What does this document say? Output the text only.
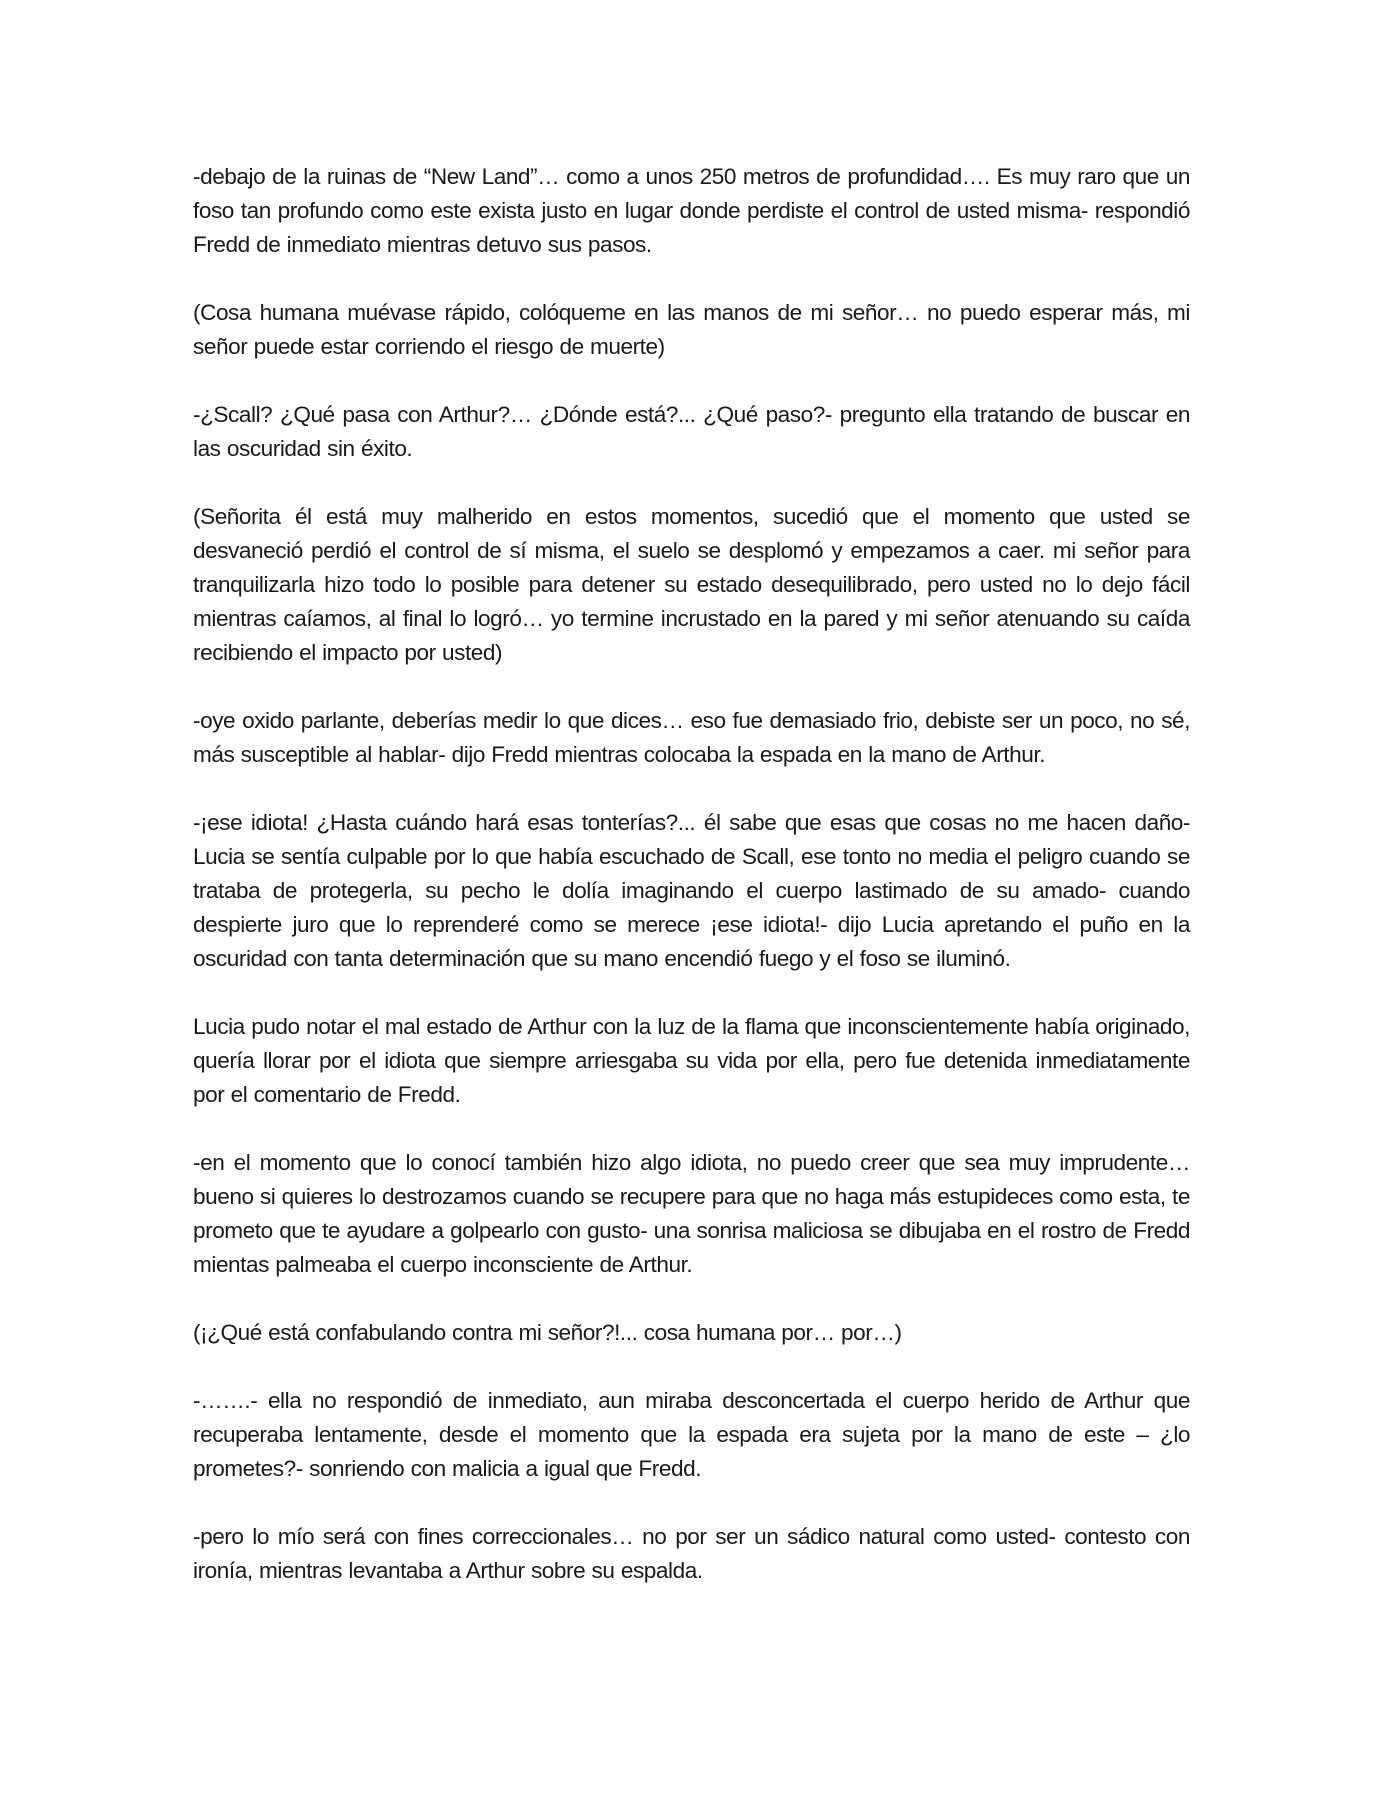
-debajo de la ruinas de “New Land”… como a unos 250 metros de profundidad…. Es muy raro que un foso tan profundo como este exista justo en lugar donde perdiste el control de usted misma- respondió Fredd de inmediato mientras detuvo sus pasos.

(Cosa humana muévase rápido, colóqueme en las manos de mi señor… no puedo esperar más, mi señor puede estar corriendo el riesgo de muerte)

-¿Scall? ¿Qué pasa con Arthur?… ¿Dónde está?... ¿Qué paso?- pregunto ella tratando de buscar en las oscuridad sin éxito.

(Señorita él está muy malherido en estos momentos, sucedió que el momento que usted se desvaneció perdió el control de sí misma, el suelo se desplomó y empezamos a caer. mi señor para tranquilizarla hizo todo lo posible para detener su estado desequilibrado, pero usted no lo dejo fácil mientras caíamos, al final lo logró… yo termine incrustado en la pared y mi señor atenuando su caída recibiendo el impacto por usted)

-oye oxido parlante, deberías medir lo que dices… eso fue demasiado frio, debiste ser un poco, no sé, más susceptible al hablar- dijo Fredd mientras colocaba la espada en la mano de Arthur.

-¡ese idiota! ¿Hasta cuándo hará esas tonterías?... él sabe que esas que cosas no me hacen daño- Lucia se sentía culpable por lo que había escuchado de Scall, ese tonto no media el peligro cuando se trataba de protegerla, su pecho le dolía imaginando el cuerpo lastimado de su amado- cuando despierte juro que lo reprenderé como se merece ¡ese idiota!- dijo Lucia apretando el puño en la oscuridad con tanta determinación que su mano encendió fuego y el foso se iluminó.

Lucia pudo notar el mal estado de Arthur con la luz de la flama que inconscientemente había originado, quería llorar por el idiota que siempre arriesgaba su vida por ella, pero fue detenida inmediatamente por el comentario de Fredd.

-en el momento que lo conocí también hizo algo idiota, no puedo creer que sea muy imprudente… bueno si quieres lo destrozamos cuando se recupere para que no haga más estupideces como esta, te prometo que te ayudare a golpearlo con gusto- una sonrisa maliciosa se dibujaba en el rostro de Fredd mientas palmeaba el cuerpo inconsciente de Arthur.

(¡¿Qué está confabulando contra mi señor?!... cosa humana por… por…)

-…….- ella no respondió de inmediato, aun miraba desconcertada el cuerpo herido de Arthur que recuperaba lentamente, desde el momento que la espada era sujeta por la mano de este – ¿lo prometes?- sonriendo con malicia a igual que Fredd.

-pero lo mío será con fines correccionales… no por ser un sádico natural como usted- contesto con ironía, mientras levantaba a Arthur sobre su espalda.
